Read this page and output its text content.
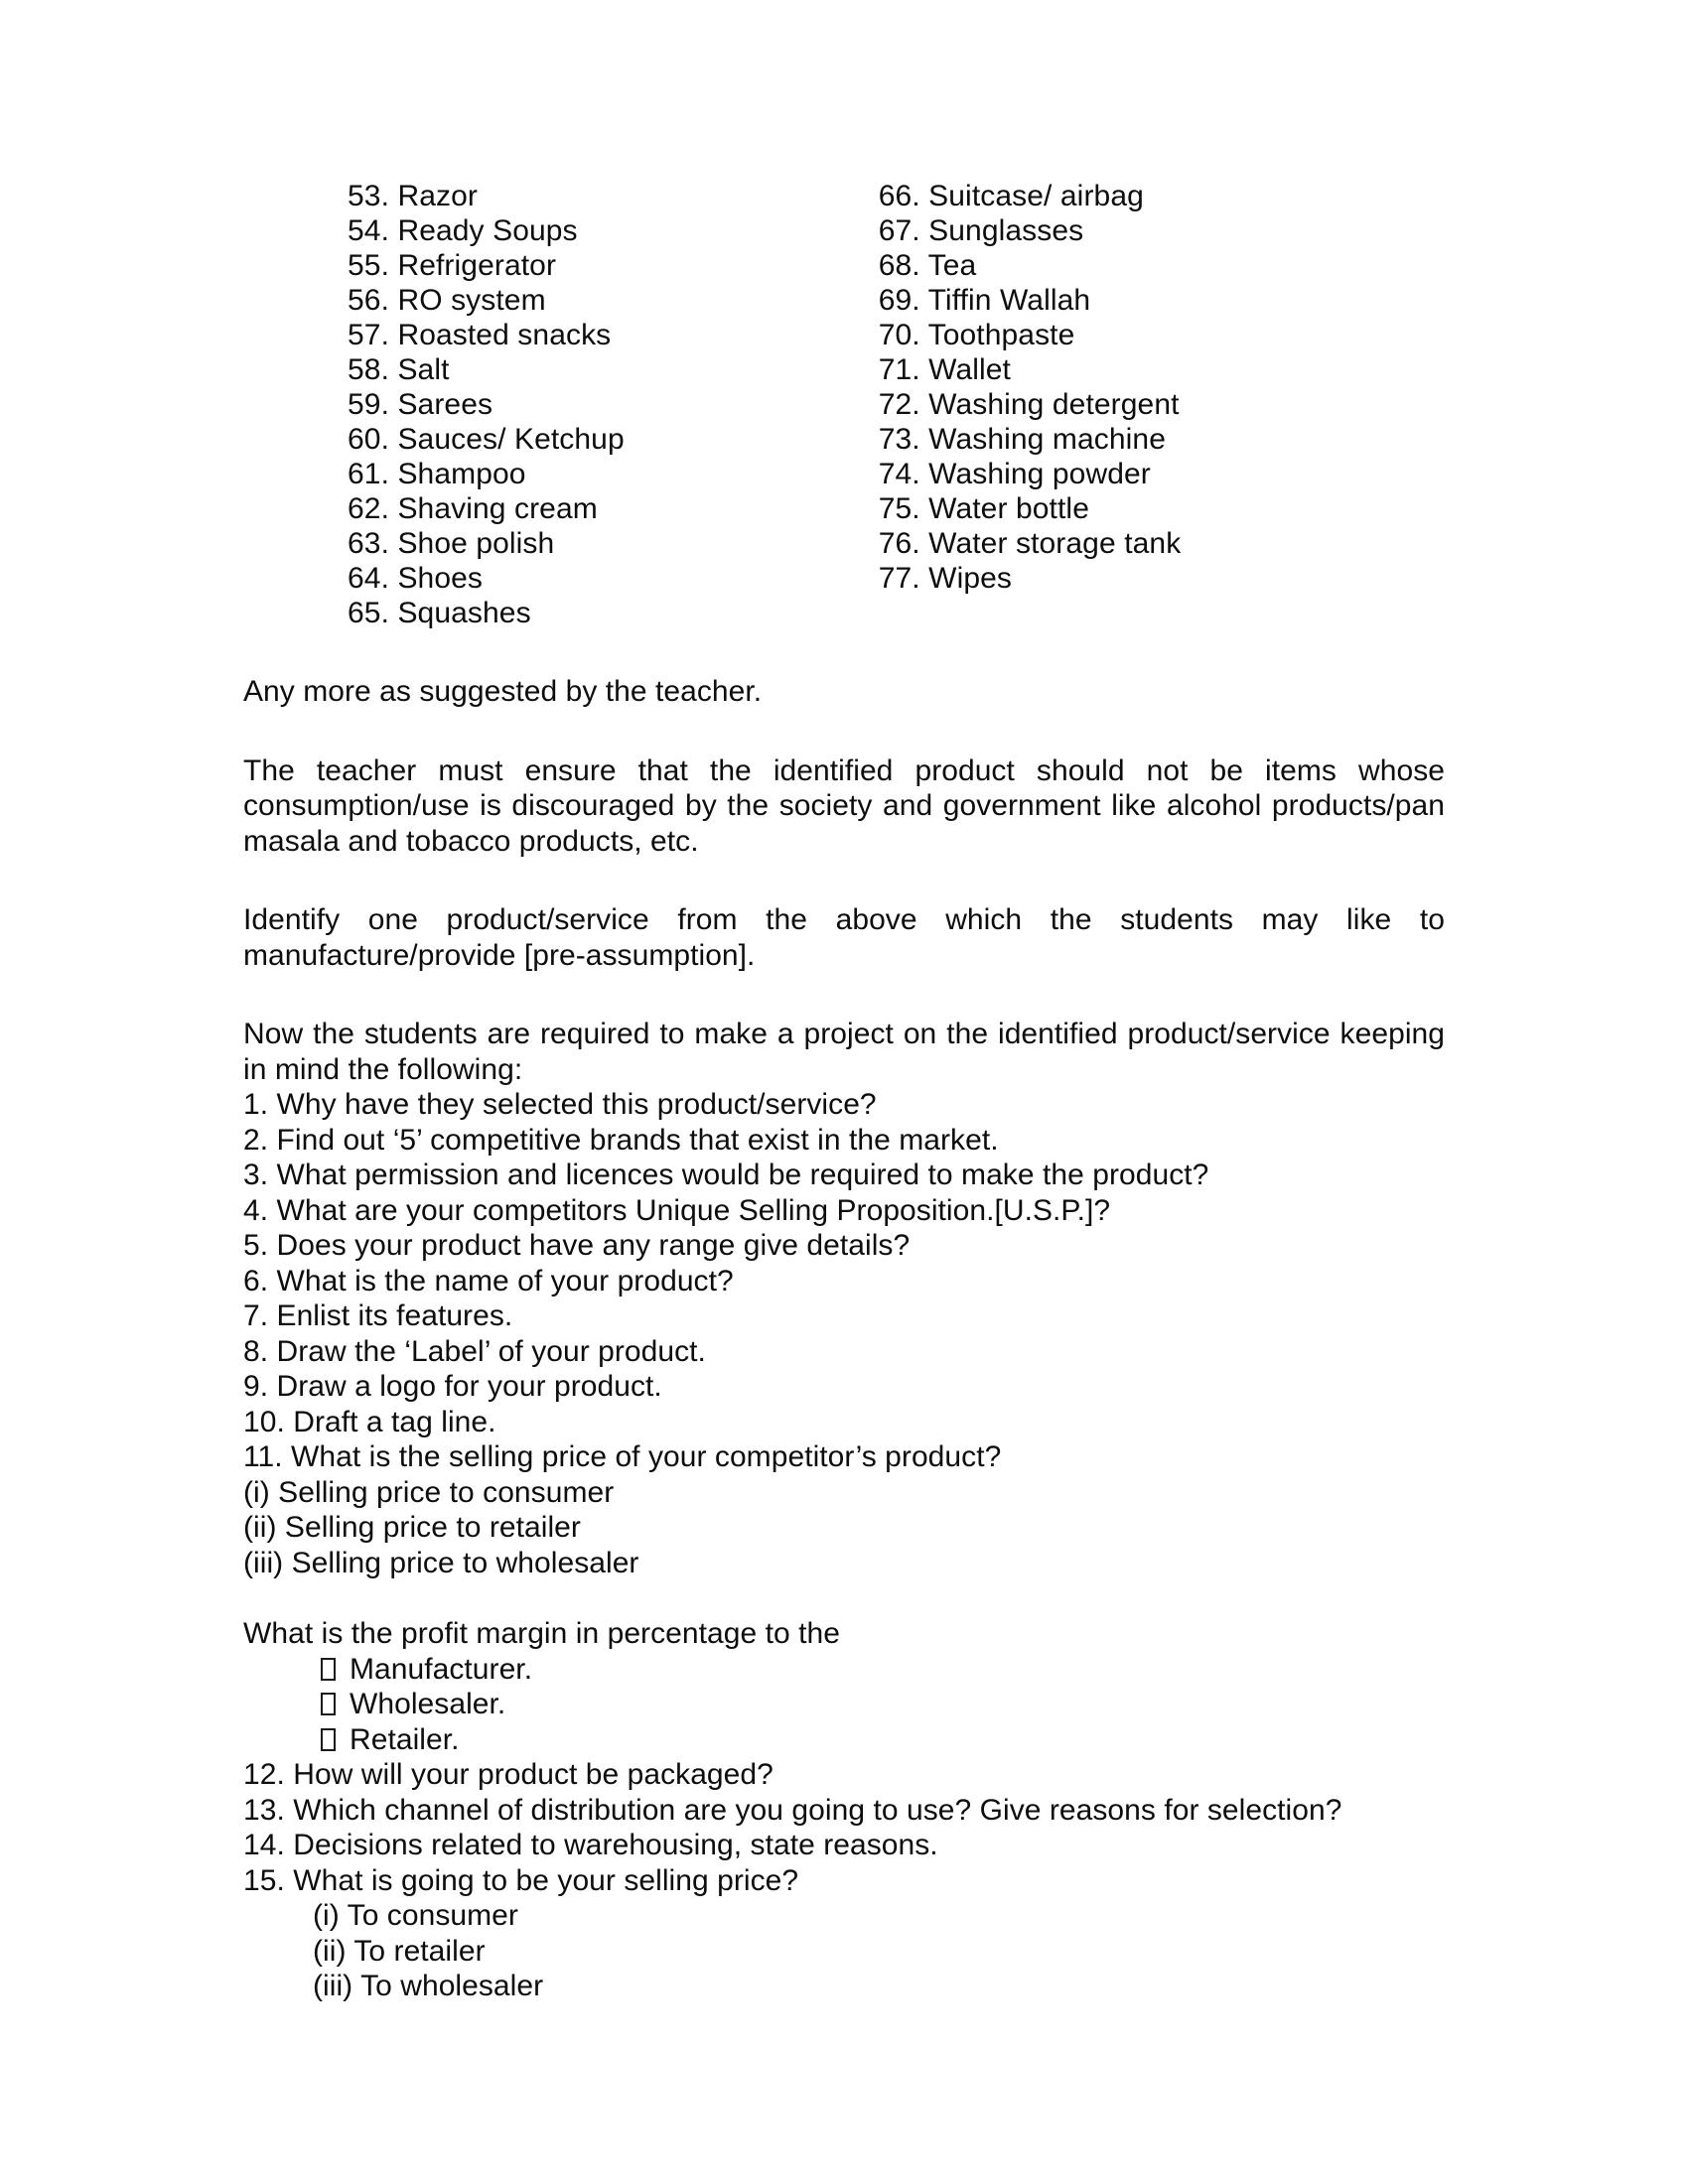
53. Razor
54. Ready Soups
55. Refrigerator
56. RO system
57. Roasted snacks
58. Salt
59. Sarees
60. Sauces/ Ketchup
61. Shampoo
62. Shaving cream
63. Shoe polish
64. Shoes
65. Squashes
66. Suitcase/ airbag
67. Sunglasses
68. Tea
69. Tiffin Wallah
70. Toothpaste
71. Wallet
72. Washing detergent
73. Washing machine
74. Washing powder
75. Water bottle
76. Water storage tank
77. Wipes

Any more as suggested by the teacher.

The teacher must ensure that the identified product should not be items whose consumption/use is discouraged by the society and government like alcohol products/pan masala and tobacco products, etc.

Identify one product/service from the above which the students may like to manufacture/provide [pre-assumption].

Now the students are required to make a project on the identified product/service keeping in mind the following:

1. Why have they selected this product/service?
2. Find out ‘5’ competitive brands that exist in the market.
3. What permission and licences would be required to make the product?
4. What are your competitors Unique Selling Proposition.[U.S.P.]?
5. Does your product have any range give details?
6. What is the name of your product?
7. Enlist its features.
8. Draw the ‘Label’ of your product.
9. Draw a logo for your product.
10. Draft a tag line.
11. What is the selling price of your competitor’s product?
(i) Selling price to consumer
(ii) Selling price to retailer
(iii) Selling price to wholesaler
What is the profit margin in percentage to the
Manufacturer.
Wholesaler.
Retailer.
12. How will your product be packaged?
13. Which channel of distribution are you going to use? Give reasons for selection?
14. Decisions related to warehousing, state reasons.
15. What is going to be your selling price?
(i) To consumer
(ii) To retailer
(iii) To wholesaler
